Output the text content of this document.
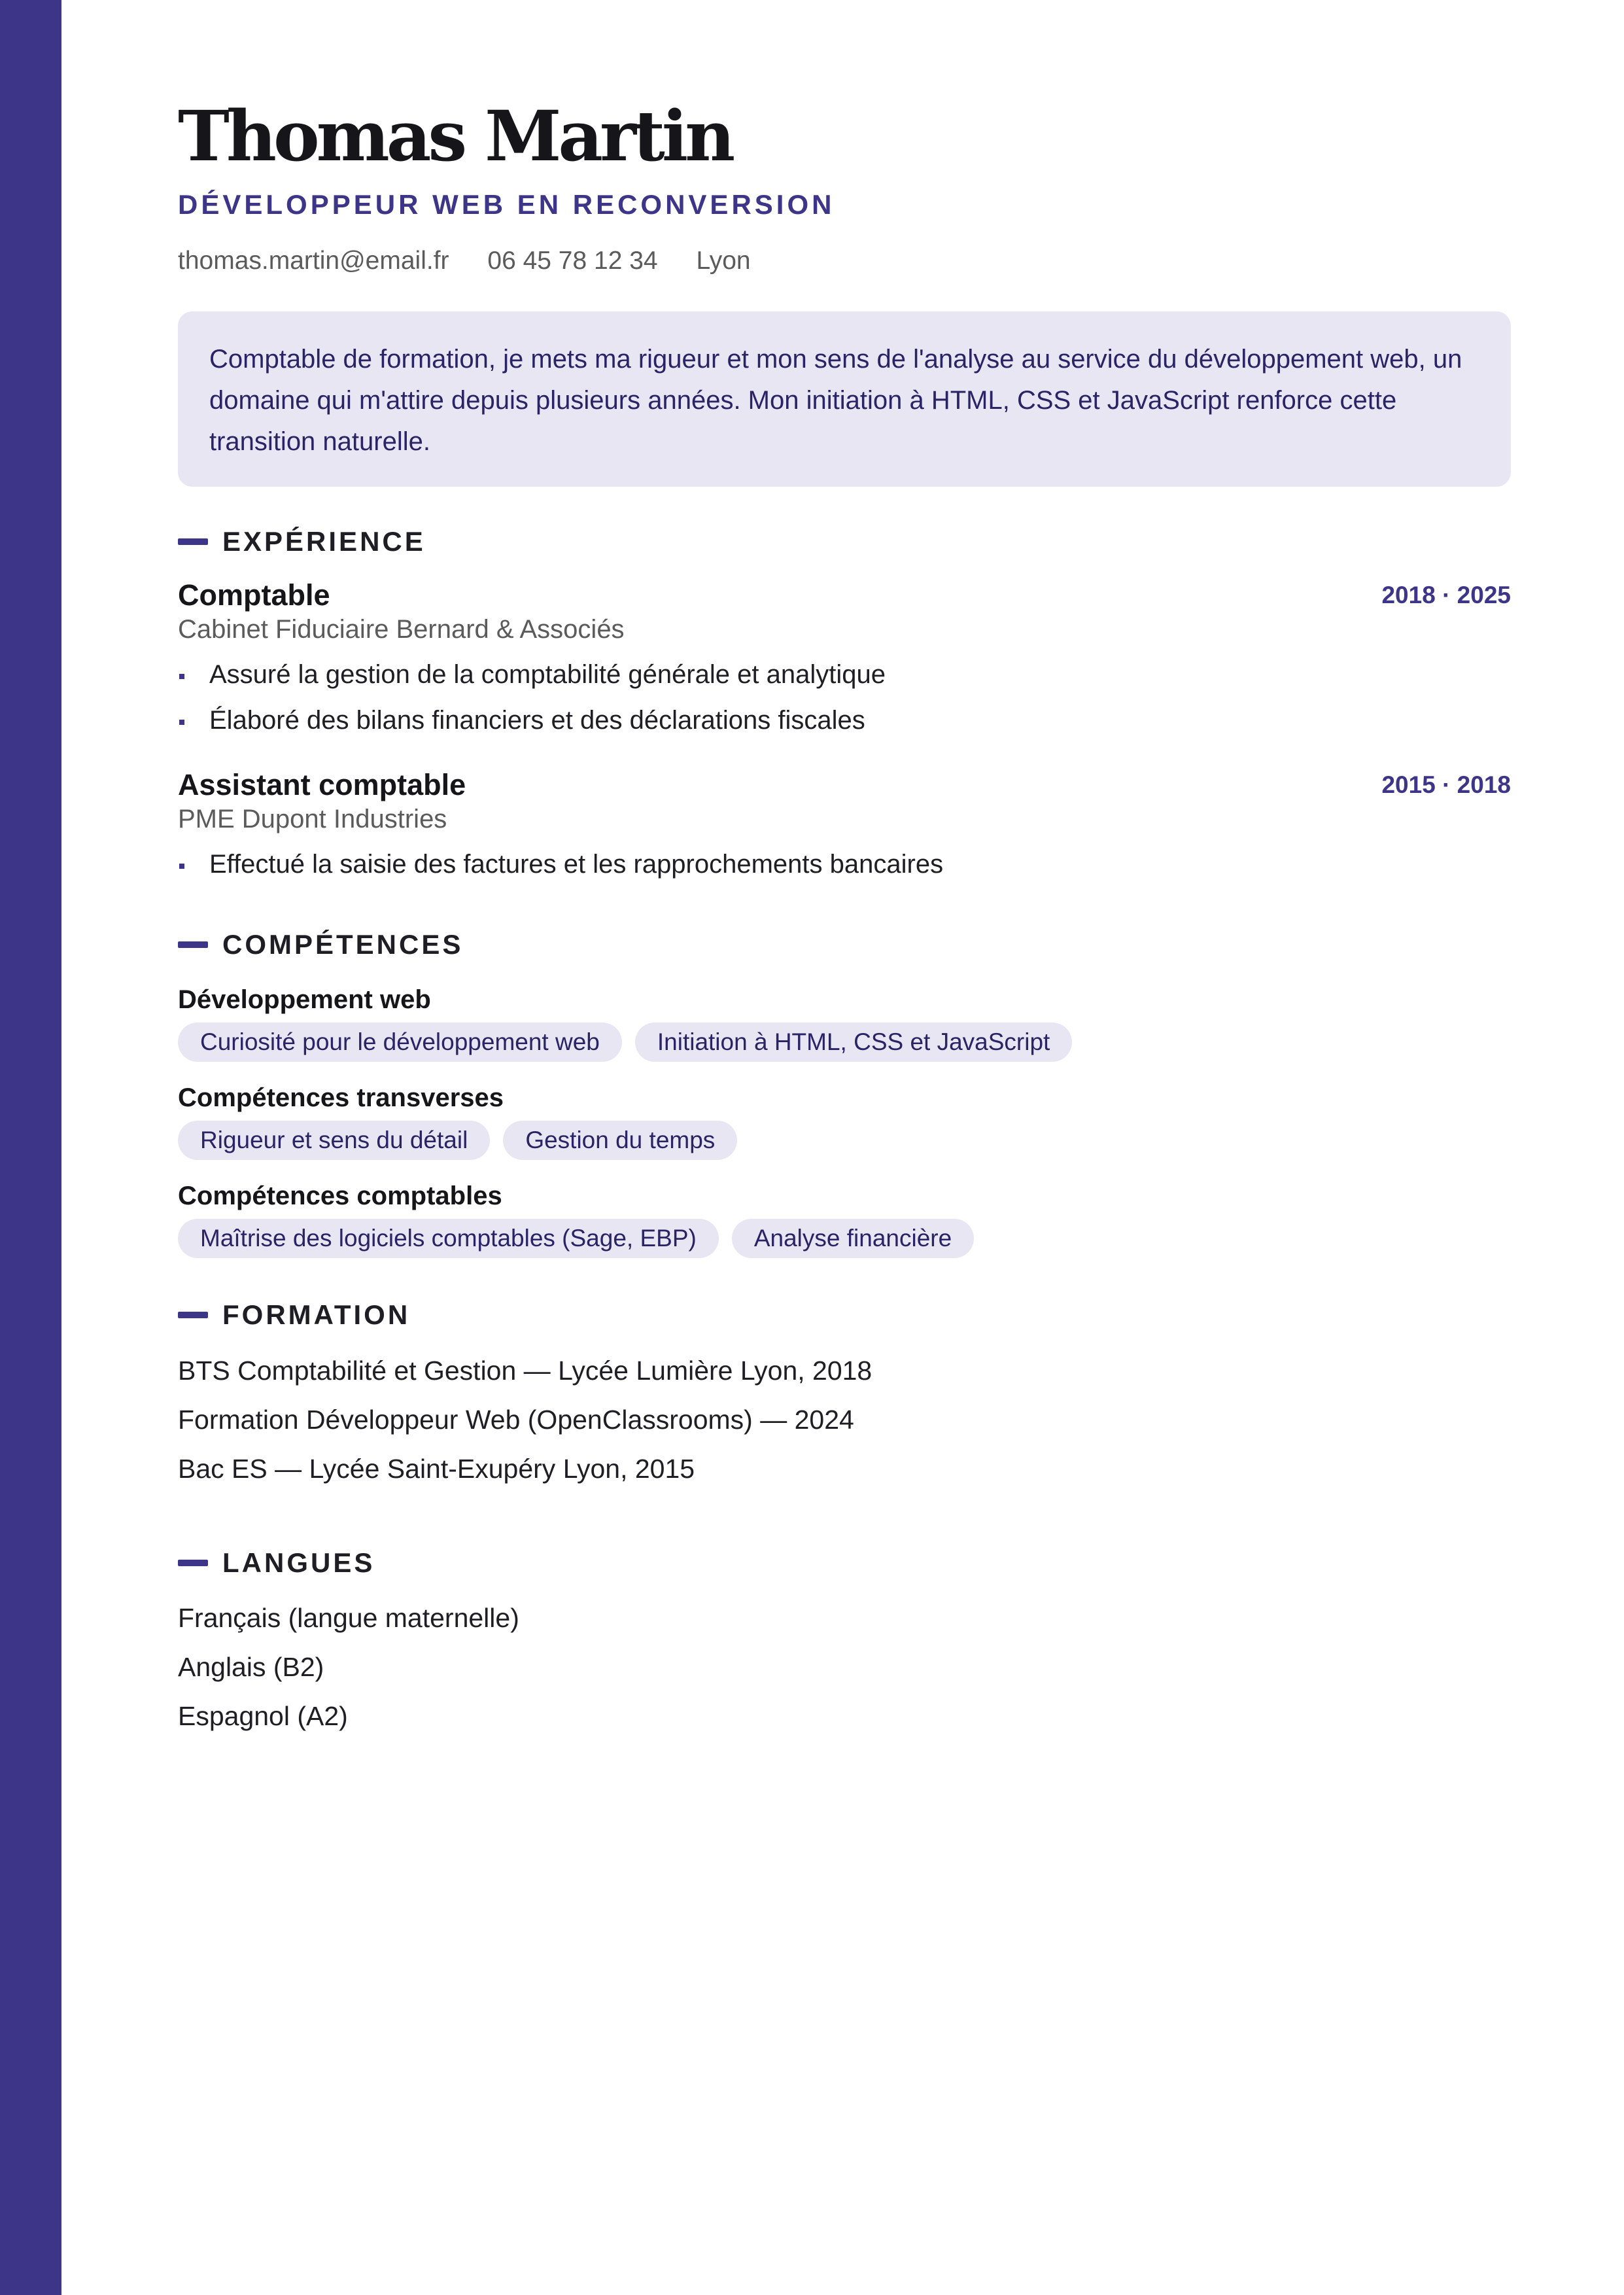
Thomas Martin
DÉVELOPPEUR WEB EN RECONVERSION
thomas.martin@email.fr 06 45 78 12 34 Lyon
Comptable de formation, je mets ma rigueur et mon sens de l'analyse au service du développement web, un domaine qui m'attire depuis plusieurs années. Mon initiation à HTML, CSS et JavaScript renforce cette transition naturelle.
EXPÉRIENCE
Comptable	2018 · 2025
Cabinet Fiduciaire Bernard & Associés
Assuré la gestion de la comptabilité générale et analytique
Élaboré des bilans financiers et des déclarations fiscales
Assistant comptable	2015 · 2018
PME Dupont Industries
Effectué la saisie des factures et les rapprochements bancaires
COMPÉTENCES
Développement web
Curiosité pour le développement web	Initiation à HTML, CSS et JavaScript
Compétences transverses
Rigueur et sens du détail	Gestion du temps
Compétences comptables
Maîtrise des logiciels comptables (Sage, EBP)	Analyse financière
FORMATION
BTS Comptabilité et Gestion — Lycée Lumière Lyon, 2018
Formation Développeur Web (OpenClassrooms) — 2024
Bac ES — Lycée Saint-Exupéry Lyon, 2015
LANGUES
Français (langue maternelle)
Anglais (B2)
Espagnol (A2)
